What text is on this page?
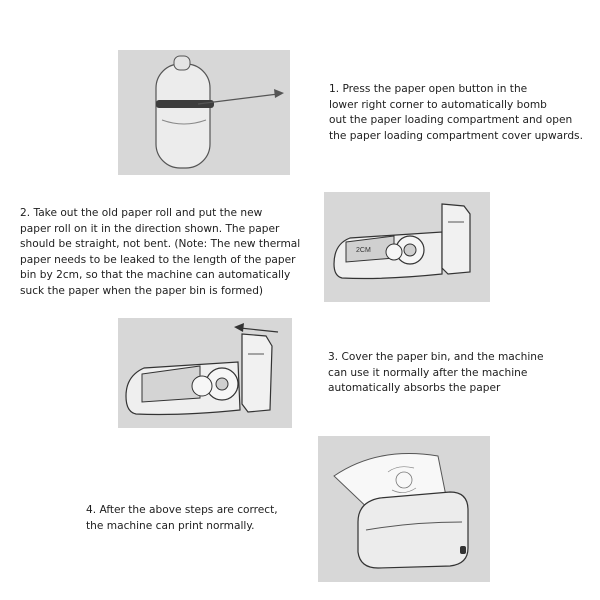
1. Press the paper open button in the
lower right corner to automatically bomb
out the paper loading compartment and open
the paper loading compartment cover upwards.

2. Take out the old paper roll and put the new
paper roll on it in the direction shown. The paper
should be straight, not bent. (Note: The new thermal
paper needs to be leaked to the length of the paper
bin by 2cm, so that the machine can automatically
suck the paper when the paper bin is formed)

2CM

3. Cover the paper bin, and the machine
can use it normally after the machine
automatically absorbs the paper

4. After the above steps are correct,
the machine can print normally.
